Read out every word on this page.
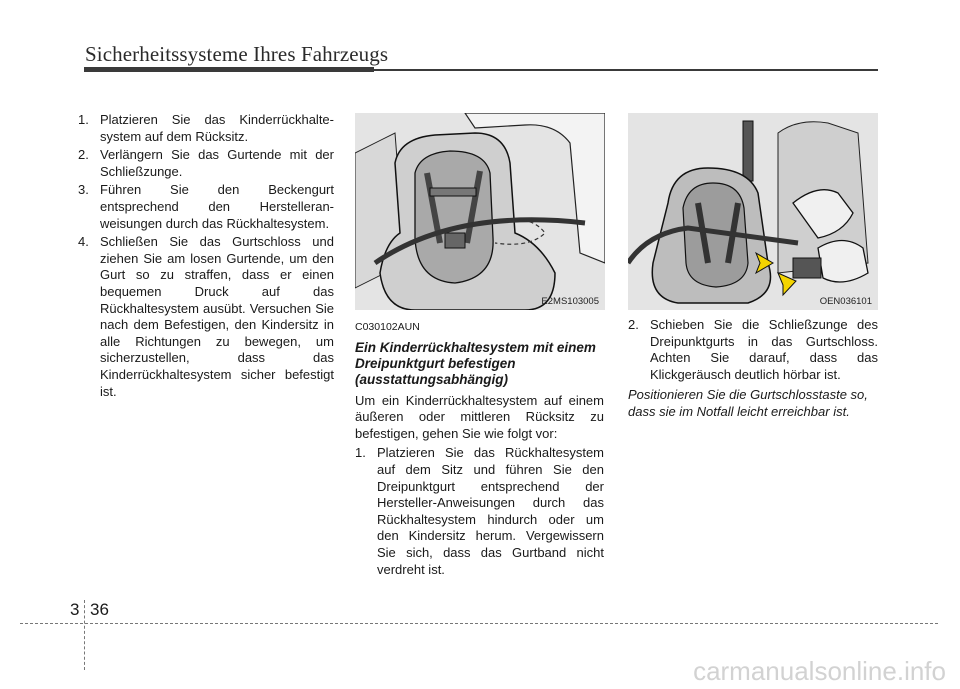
Sicherheitssysteme Ihres Fahrzeugs
1. Platzieren Sie das Kinderrückhalte-system auf dem Rücksitz.
2. Verlängern Sie das Gurtende mit der Schließzunge.
3. Führen Sie den Beckengurt entsprechend den Herstelleran-weisungen durch das Rückhaltesystem.
4. Schließen Sie das Gurtschloss und ziehen Sie am losen Gurtende, um den Gurt so zu straffen, dass er einen bequemen Druck auf das Rückhaltesystem ausübt. Versuchen Sie nach dem Befestigen, den Kindersitz in alle Richtungen zu bewegen, um sicherzustellen, dass das Kinderrückhaltesystem sicher befestigt ist.
E2MS103005	OEN036101
C030102AUN
Ein Kinderrückhaltesystem mit einem Dreipunktgurt befestigen (ausstattungsabhängig)

Um ein Kinderrückhaltesystem auf einem äußeren oder mittleren Rücksitz zu befestigen, gehen Sie wie folgt vor:

1. Platzieren Sie das Rückhaltesystem auf dem Sitz und führen Sie den Dreipunktgurt entsprechend der Hersteller-Anweisungen durch das Rückhaltesystem hindurch oder um den Kindersitz herum. Vergewissern Sie sich, dass das Gurtband nicht verdreht ist.
2. Schieben Sie die Schließzunge des Dreipunktgurts in das Gurtschloss. Achten Sie darauf, dass das Klickgeräusch deutlich hörbar ist.
Positionieren Sie die Gurtschlosstaste so, dass sie im Notfall leicht erreichbar ist.
3 36
carmanualsonline.info
